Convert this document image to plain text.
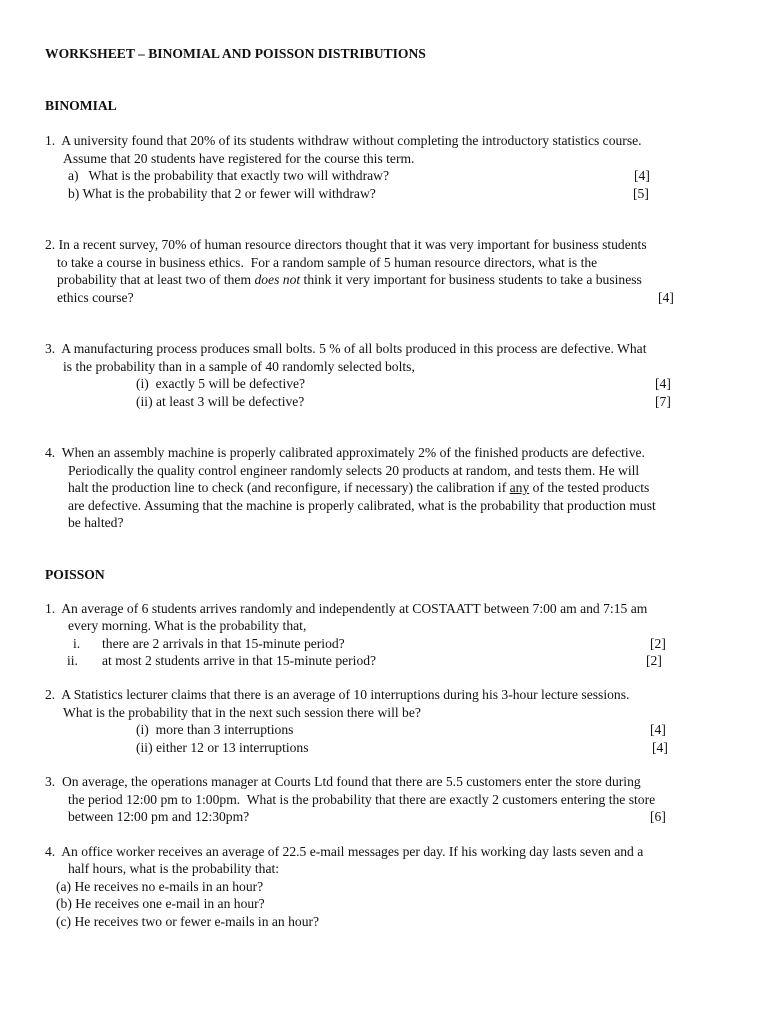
WORKSHEET – BINOMIAL AND POISSON DISTRIBUTIONS
BINOMIAL
1.  A university found that 20% of its students withdraw without completing the introductory statistics course.
Assume that 20 students have registered for the course this term.
a)   What is the probability that exactly two will withdraw?	[4]
b) What is the probability that 2 or fewer will withdraw?	[5]
2. In a recent survey, 70% of human resource directors thought that it was very important for business students
to take a course in business ethics.  For a random sample of 5 human resource directors, what is the
probability that at least two of them does not think it very important for business students to take a business
ethics course?	[4]
3.  A manufacturing process produces small bolts. 5 % of all bolts produced in this process are defective. What
is the probability than in a sample of 40 randomly selected bolts,
(i)  exactly 5 will be defective?	[4]
(ii) at least 3 will be defective?	[7]
4.  When an assembly machine is properly calibrated approximately 2% of the finished products are defective.
Periodically the quality control engineer randomly selects 20 products at random, and tests them. He will
halt the production line to check (and reconfigure, if necessary) the calibration if any of the tested products
are defective. Assuming that the machine is properly calibrated, what is the probability that production must
be halted?
POISSON
1.  An average of 6 students arrives randomly and independently at COSTAATT between 7:00 am and 7:15 am
every morning. What is the probability that,
i. there are 2 arrivals in that 15-minute period?	[2]
ii. at most 2 students arrive in that 15-minute period?	[2]
2.  A Statistics lecturer claims that there is an average of 10 interruptions during his 3-hour lecture sessions.
What is the probability that in the next such session there will be?
(i)  more than 3 interruptions	[4]
(ii) either 12 or 13 interruptions	[4]
3.  On average, the operations manager at Courts Ltd found that there are 5.5 customers enter the store during
the period 12:00 pm to 1:00pm.  What is the probability that there are exactly 2 customers entering the store
between 12:00 pm and 12:30pm?	[6]
4.  An office worker receives an average of 22.5 e-mail messages per day. If his working day lasts seven and a
half hours, what is the probability that:
(a) He receives no e-mails in an hour?
(b) He receives one e-mail in an hour?
(c) He receives two or fewer e-mails in an hour?
